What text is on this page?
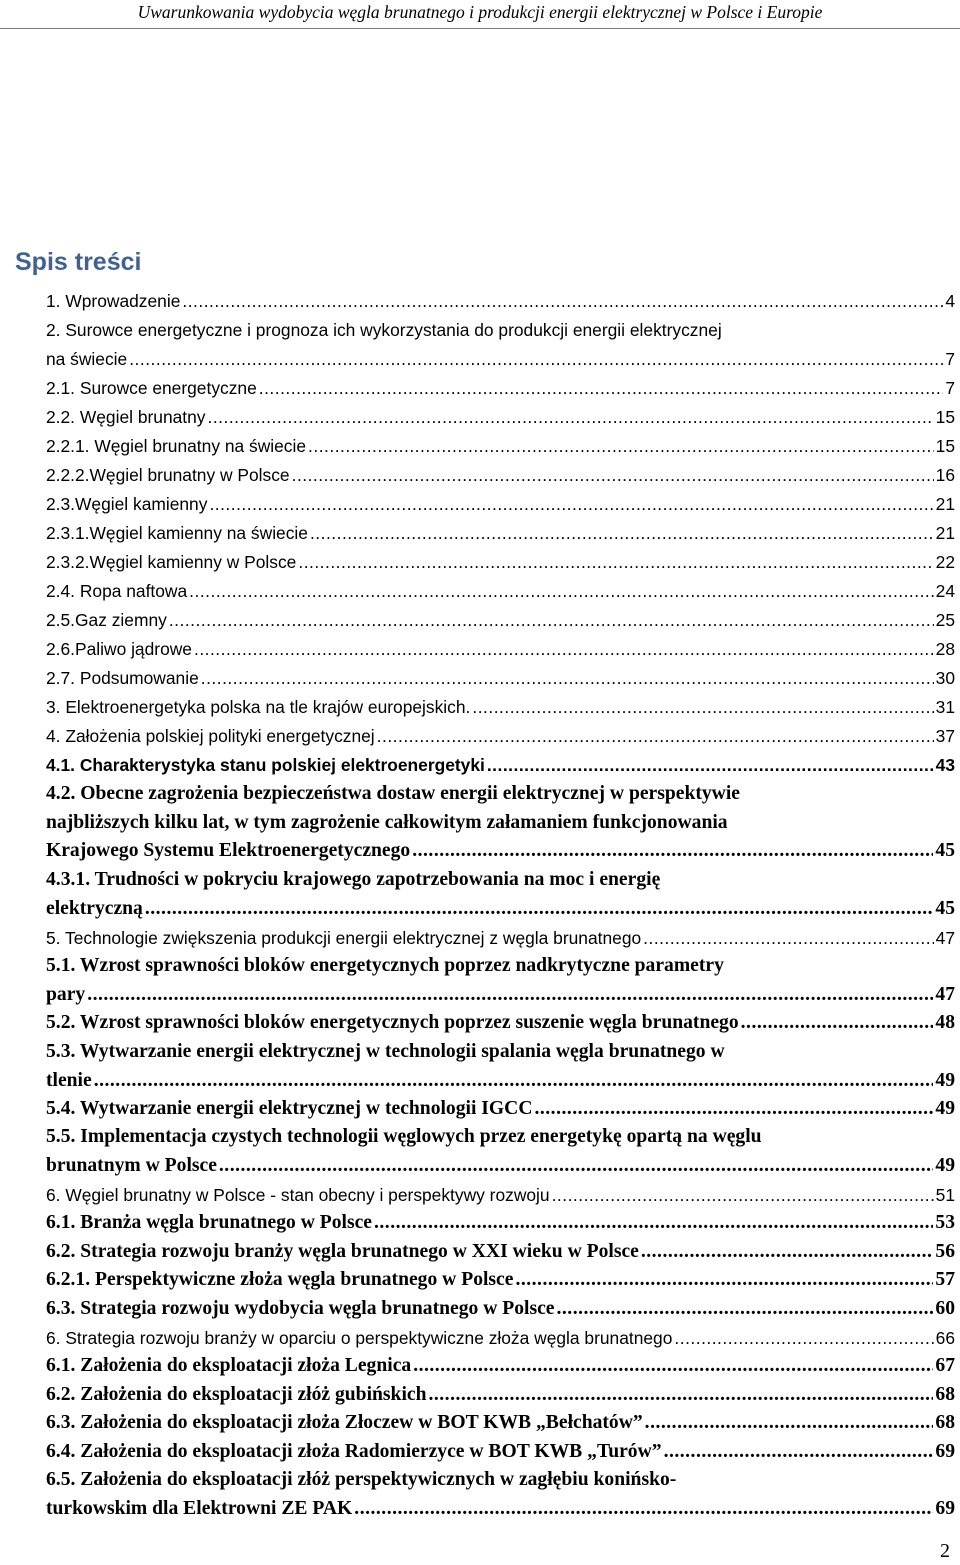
Uwarunkowania wydobycia węgla brunatnego i produkcji energii elektrycznej w Polsce i Europie
Spis treści
1. Wprowadzenie .....	4
2. Surowce energetyczne i prognoza ich wykorzystania do produkcji energii elektrycznej
na świecie .....	7
2.1. Surowce energetyczne .....	7
2.2. Węgiel brunatny .....	15
2.2.1. Węgiel brunatny na świecie .....	15
2.2.2.Węgiel brunatny w Polsce .....	16
2.3.Węgiel kamienny .....	21
2.3.1.Węgiel kamienny na świecie .....	21
2.3.2.Węgiel kamienny w Polsce .....	22
2.4. Ropa naftowa .....	24
2.5.Gaz ziemny .....	25
2.6.Paliwo jądrowe .....	28
2.7. Podsumowanie .....	30
3. Elektroenergetyka polska na tle krajów europejskich. .....	31
4. Założenia polskiej polityki energetycznej .....	37
4.1. Charakterystyka stanu polskiej elektroenergetyki .....	43
4.2. Obecne zagrożenia bezpieczeństwa dostaw energii elektrycznej w perspektywie
najbliższych kilku lat, w tym zagrożenie całkowitym załamaniem funkcjonowania
Krajowego Systemu Elektroenergetycznego .....	45
4.3.1. Trudności w pokryciu krajowego zapotrzebowania na moc i energię
elektryczną .....	45
5. Technologie zwiększenia produkcji energii elektrycznej z węgla brunatnego .....	47
5.1. Wzrost sprawności bloków energetycznych poprzez nadkrytyczne parametry
pary .....	47
5.2. Wzrost sprawności bloków energetycznych poprzez suszenie węgla brunatnego .....	48
5.3. Wytwarzanie energii elektrycznej w technologii spalania węgla brunatnego w
tlenie .....	49
5.4. Wytwarzanie energii elektrycznej w technologii IGCC .....	49
5.5. Implementacja czystych technologii węglowych przez energetykę opartą na węglu
brunatnym w Polsce .....	49
6. Węgiel brunatny w Polsce - stan obecny i perspektywy rozwoju .....	51
6.1. Branża węgla brunatnego w Polsce .....	53
6.2. Strategia rozwoju branży węgla brunatnego w XXI wieku w Polsce .....	56
6.2.1. Perspektywiczne złoża węgla brunatnego w Polsce .....	57
6.3. Strategia rozwoju wydobycia węgla brunatnego w Polsce .....	60
6. Strategia rozwoju branży w oparciu o perspektywiczne złoża węgla brunatnego .....	66
6.1. Założenia do eksploatacji złoża Legnica .....	67
6.2. Założenia do eksploatacji złóż gubińskich .....	68
6.3. Założenia do eksploatacji złoża Złoczew w BOT KWB „Bełchatów” .....	68
6.4. Założenia do eksploatacji złoża Radomierzyce w BOT KWB „Turów” .....	69
6.5. Założenia do eksploatacji złóż perspektywicznych w zagłębiu konińsko-
turkowskim dla Elektrowni ZE PAK .....	69
2
